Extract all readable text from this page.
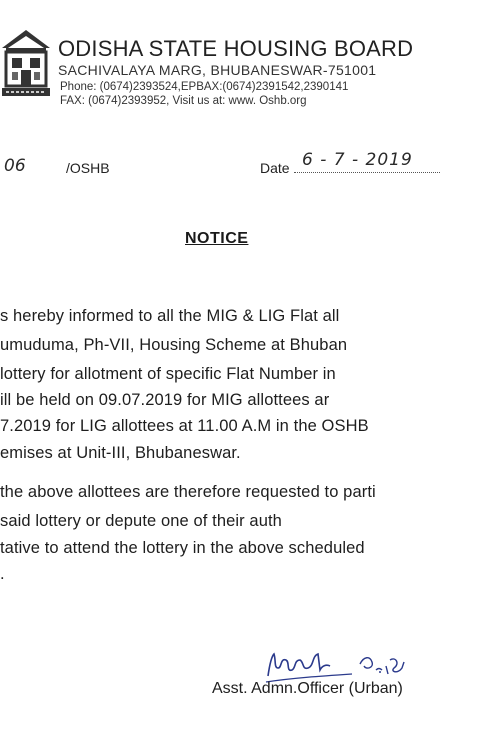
ODISHA STATE HOUSING BOARD
SACHIVALAYA MARG, BHUBANESWAR-751001
Phone: (0674)2393524,EPBAX:(0674)2391542,2390141
FAX: (0674)2393952, Visit us at: www. Oshb.org
06	/OSHB	Date 6 - 7 - 2019
NOTICE
s hereby informed to all the MIG & LIG Flat all
umuduma, Ph-VII, Housing Scheme at Bhuban
lottery for allotment of specific Flat Number in
ill be held on 09.07.2019 for MIG allottees ar
7.2019 for LIG allottees at 11.00 A.M in the OSHB
emises at Unit-III, Bhubaneswar.
the above allottees are therefore requested to parti
said lottery or depute one of their auth
tative to attend the lottery in the above scheduled
.
Asst. Admn.Officer (Urban)
